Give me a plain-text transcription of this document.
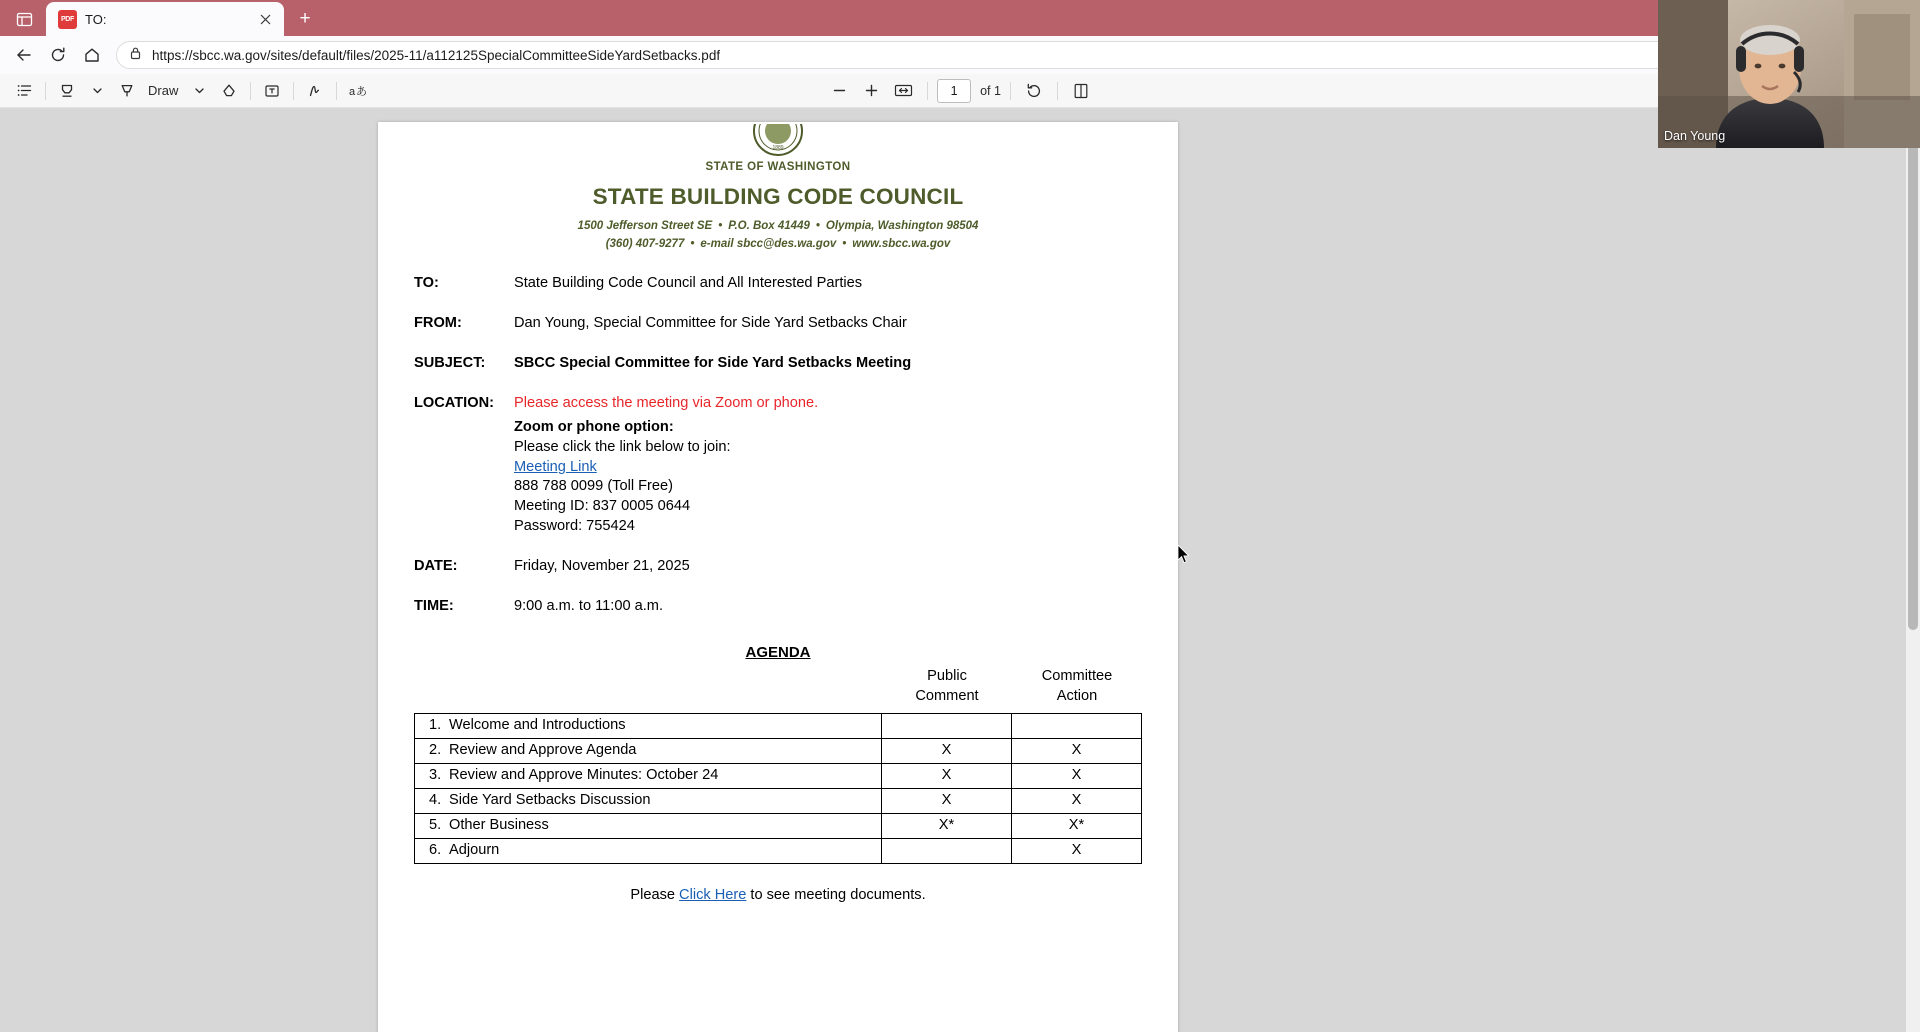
PDF TO:	+
https://sbcc.wa.gov/sites/default/files/2025-11/a112125SpecialCommitteeSideYardSetbacks.pdf
Draw	a あ	1	of 1
1889
STATE OF WASHINGTON
STATE BUILDING CODE COUNCIL
1500 Jefferson Street SE • P.O. Box 41449 • Olympia, Washington 98504
(360) 407-9277 • e-mail sbcc@des.wa.gov • www.sbcc.wa.gov
TO:	State Building Code Council and All Interested Parties
FROM:	Dan Young, Special Committee for Side Yard Setbacks Chair
SUBJECT:	SBCC Special Committee for Side Yard Setbacks Meeting
LOCATION:	Please access the meeting via Zoom or phone.
Zoom or phone option:
Please click the link below to join:
Meeting Link
888 788 0099 (Toll Free)
Meeting ID: 837 0005 0644
Password: 755424
DATE:	Friday, November 21, 2025
TIME:	9:00 a.m. to 11:00 a.m.
AGENDA
Public
Comment
Committee
Action
1. Welcome and Introductions		
2. Review and Approve Agenda	X	X
3. Review and Approve Minutes: October 24	X	X
4. Side Yard Setbacks Discussion	X	X
5. Other Business	X*	X*
6. Adjourn		X
Please Click Here to see meeting documents.
Dan Young
